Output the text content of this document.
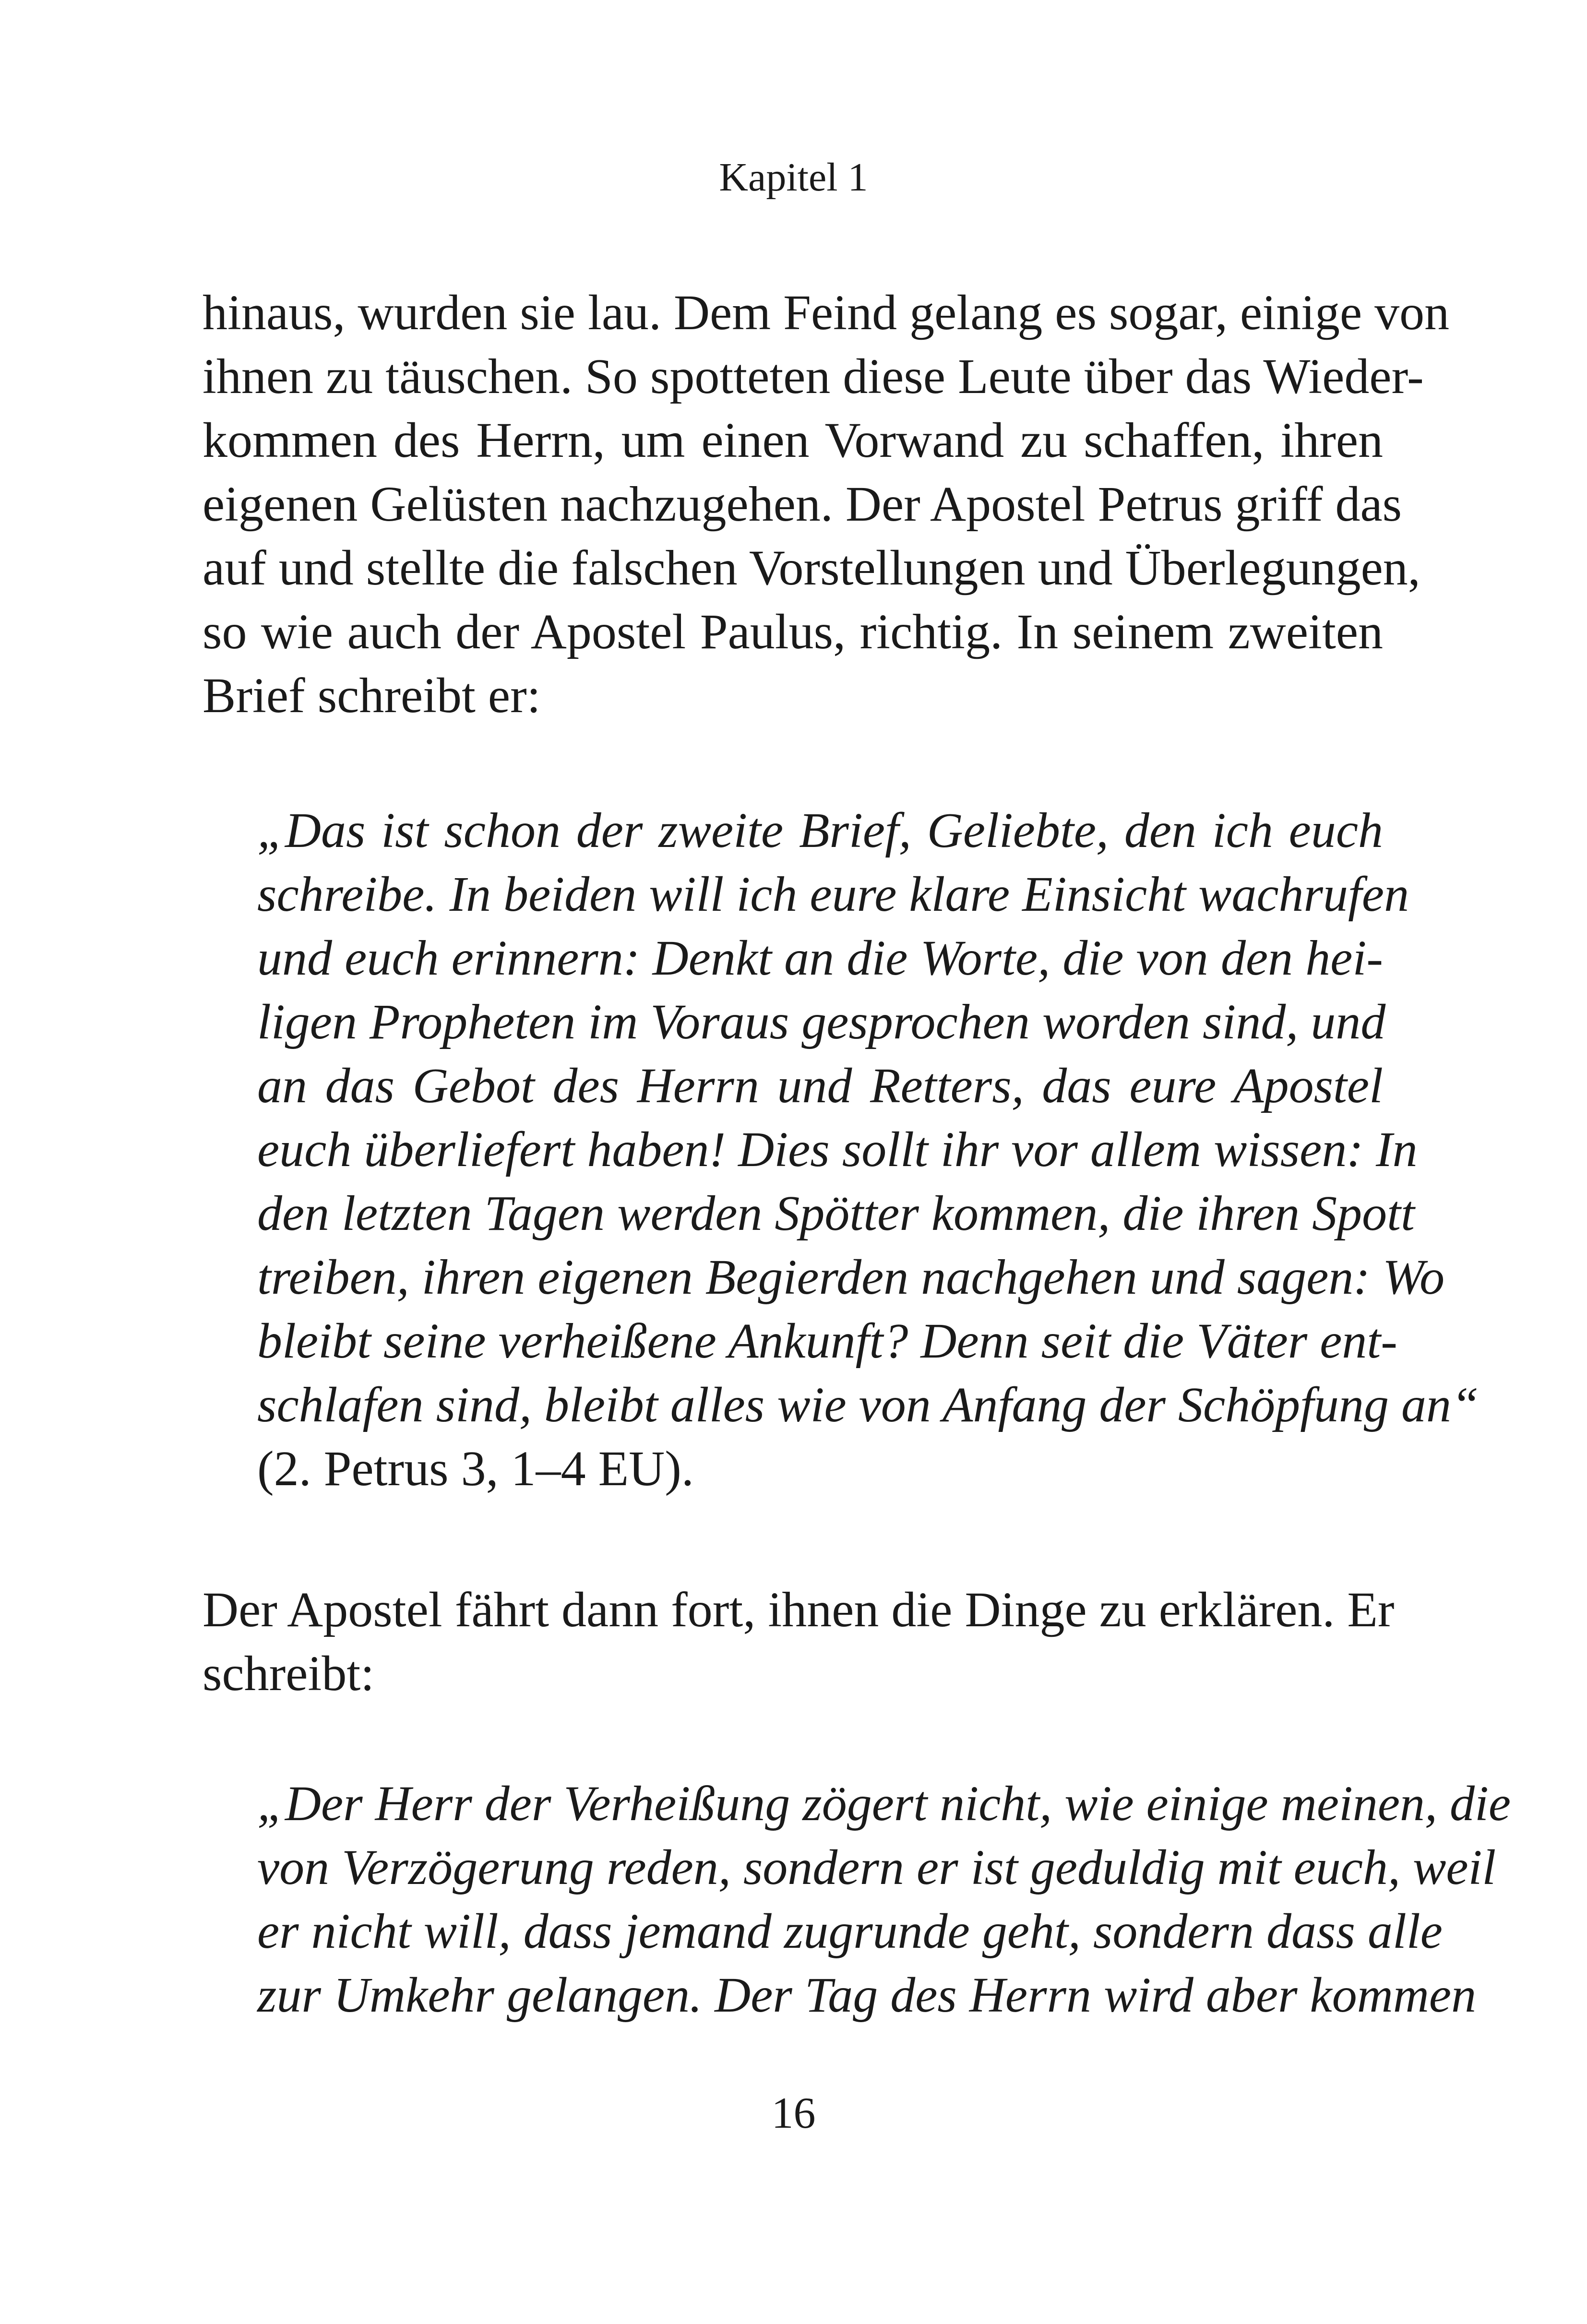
Kapitel 1
hinaus, wurden sie lau. Dem Feind gelang es sogar, einige von
ihnen zu täuschen. So spotteten diese Leute über das Wieder-
kommen des Herrn, um einen Vorwand zu schaffen, ihren
eigenen Gelüsten nachzugehen. Der Apostel Petrus griff das
auf und stellte die falschen Vorstellungen und Überlegungen,
so wie auch der Apostel Paulus, richtig. In seinem zweiten
Brief schreibt er:
„Das ist schon der zweite Brief, Geliebte, den ich euch
schreibe. In beiden will ich eure klare Einsicht wachrufen
und euch erinnern: Denkt an die Worte, die von den hei-
ligen Propheten im Voraus gesprochen worden sind, und
an das Gebot des Herrn und Retters, das eure Apostel
euch überliefert haben! Dies sollt ihr vor allem wissen: In
den letzten Tagen werden Spötter kommen, die ihren Spott
treiben, ihren eigenen Begierden nachgehen und sagen: Wo
bleibt seine verheißene Ankunft? Denn seit die Väter ent-
schlafen sind, bleibt alles wie von Anfang der Schöpfung an“
(2. Petrus 3, 1–4 EU).
Der Apostel fährt dann fort, ihnen die Dinge zu erklären. Er
schreibt:
„Der Herr der Verheißung zögert nicht, wie einige meinen, die
von Verzögerung reden, sondern er ist geduldig mit euch, weil
er nicht will, dass jemand zugrunde geht, sondern dass alle
zur Umkehr gelangen. Der Tag des Herrn wird aber kommen
16
